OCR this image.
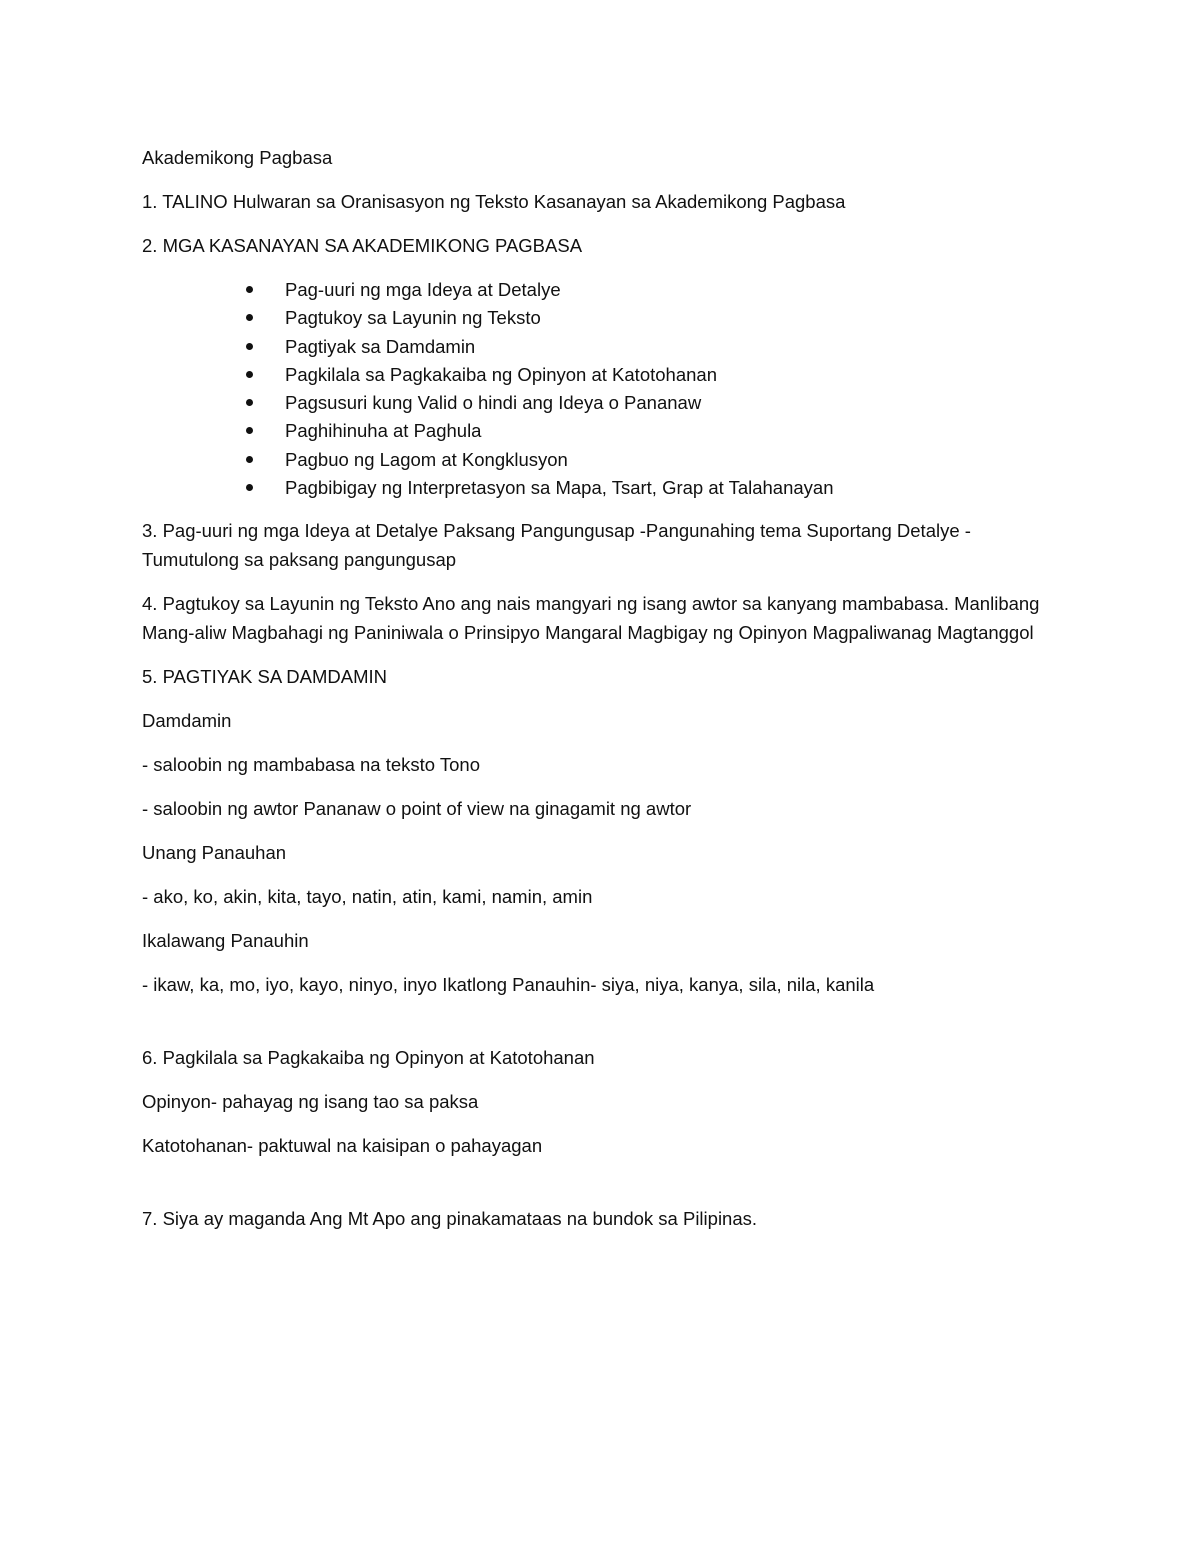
Akademikong Pagbasa

1. TALINO Hulwaran sa Oranisasyon ng Teksto Kasanayan sa Akademikong Pagbasa

2. MGA KASANAYAN SA AKADEMIKONG PAGBASA

Pag-uuri ng mga Ideya at Detalye
Pagtukoy sa Layunin ng Teksto
Pagtiyak sa Damdamin
Pagkilala sa Pagkakaiba ng Opinyon at Katotohanan
Pagsusuri kung Valid o hindi ang Ideya o Pananaw
Paghihinuha at Paghula
Pagbuo ng Lagom at Kongklusyon
Pagbibigay ng Interpretasyon sa Mapa, Tsart, Grap at Talahanayan

3. Pag-uuri ng mga Ideya at Detalye Paksang Pangungusap -Pangunahing tema Suportang Detalye - Tumutulong sa paksang pangungusap

4. Pagtukoy sa Layunin ng Teksto Ano ang nais mangyari ng isang awtor sa kanyang mambabasa. Manlibang Mang-aliw Magbahagi ng Paniniwala o Prinsipyo Mangaral Magbigay ng Opinyon Magpaliwanag Magtanggol

5. PAGTIYAK SA DAMDAMIN

Damdamin

- saloobin ng mambabasa na teksto Tono

- saloobin ng awtor Pananaw o point of view na ginagamit ng awtor

Unang Panauhan

- ako, ko, akin, kita, tayo, natin, atin, kami, namin, amin

Ikalawang Panauhin

- ikaw, ka, mo, iyo, kayo, ninyo, inyo Ikatlong Panauhin- siya, niya, kanya, sila, nila, kanila

6. Pagkilala sa Pagkakaiba ng Opinyon at Katotohanan

Opinyon- pahayag ng isang tao sa paksa

Katotohanan- paktuwal na kaisipan o pahayagan

7. Siya ay maganda Ang Mt Apo ang pinakamataas na bundok sa Pilipinas.
